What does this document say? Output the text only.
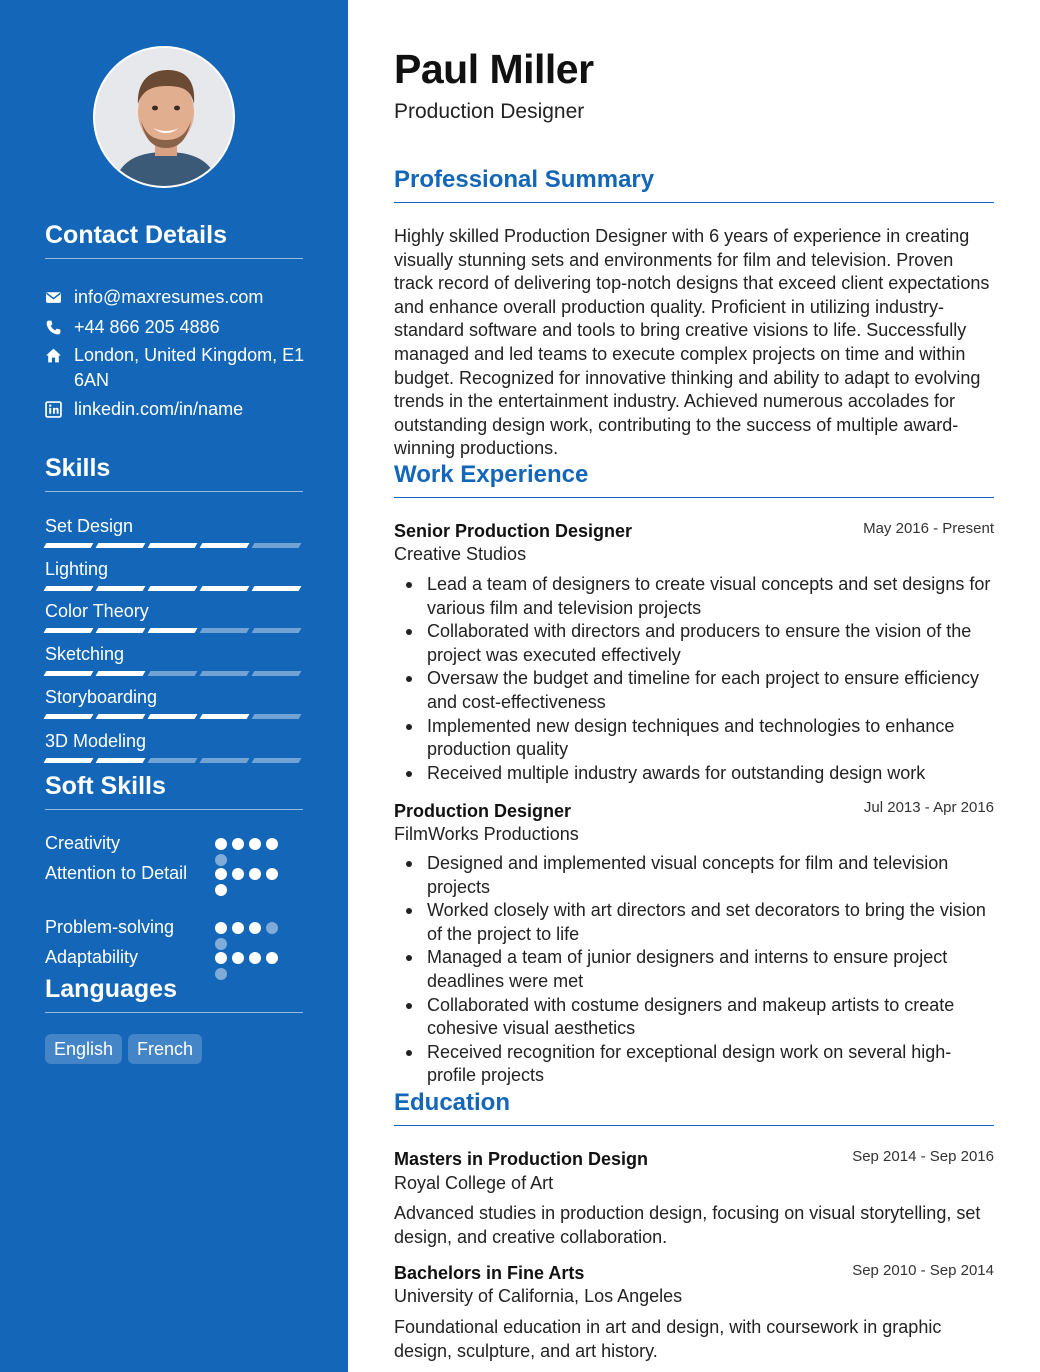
Contact Details
info@maxresumes.com
+44 866 205 4886
London, United Kingdom, E1 6AN
linkedin.com/in/name
Skills
Set Design
Lighting
Color Theory
Sketching
Storyboarding
3D Modeling
Soft Skills
Creativity
Attention to Detail
Problem-solving
Adaptability
Languages
English	French
Paul Miller
Production Designer
Professional Summary

Highly skilled Production Designer with 6 years of experience in creating visually stunning sets and environments for film and television. Proven track record of delivering top-notch designs that exceed client expectations and enhance overall production quality. Proficient in utilizing industry-standard software and tools to bring creative visions to life. Successfully managed and led teams to execute complex projects on time and within budget. Recognized for innovative thinking and ability to adapt to evolving trends in the entertainment industry. Achieved numerous accolades for outstanding design work, contributing to the success of multiple award-winning productions.

Work Experience
Senior Production Designer	May 2016 - Present
Creative Studios
Lead a team of designers to create visual concepts and set designs for various film and television projects
Collaborated with directors and producers to ensure the vision of the project was executed effectively
Oversaw the budget and timeline for each project to ensure efficiency and cost-effectiveness
Implemented new design techniques and technologies to enhance production quality
Received multiple industry awards for outstanding design work
Production Designer	Jul 2013 - Apr 2016
FilmWorks Productions
Designed and implemented visual concepts for film and television projects
Worked closely with art directors and set decorators to bring the vision of the project to life
Managed a team of junior designers and interns to ensure project deadlines were met
Collaborated with costume designers and makeup artists to create cohesive visual aesthetics
Received recognition for exceptional design work on several high-profile projects
Education
Masters in Production Design	Sep 2014 - Sep 2016
Royal College of Art

Advanced studies in production design, focusing on visual storytelling, set design, and creative collaboration.

Bachelors in Fine Arts	Sep 2010 - Sep 2014
University of California, Los Angeles

Foundational education in art and design, with coursework in graphic design, sculpture, and art history.
